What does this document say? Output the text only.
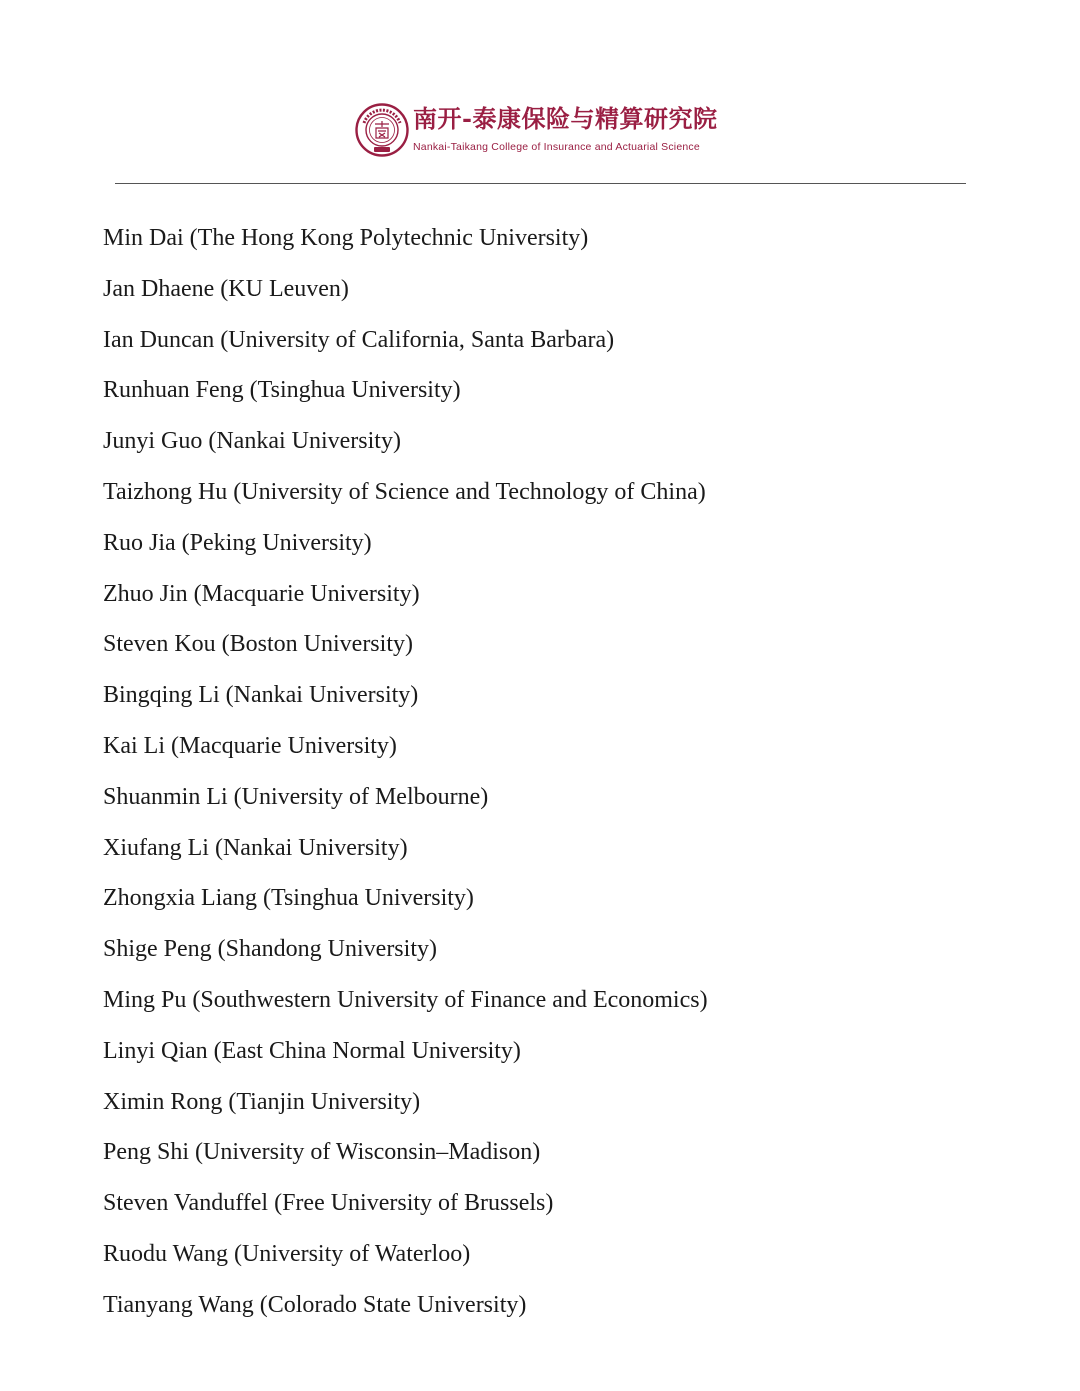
南开-泰康保险与精算研究院
Nankai-Taikang College of Insurance and Actuarial Science
Min Dai (The Hong Kong Polytechnic University)
Jan Dhaene (KU Leuven)
Ian Duncan (University of California, Santa Barbara)
Runhuan Feng (Tsinghua University)
Junyi Guo (Nankai University)
Taizhong Hu (University of Science and Technology of China)
Ruo Jia (Peking University)
Zhuo Jin (Macquarie University)
Steven Kou (Boston University)
Bingqing Li (Nankai University)
Kai Li (Macquarie University)
Shuanmin Li (University of Melbourne)
Xiufang Li (Nankai University)
Zhongxia Liang (Tsinghua University)
Shige Peng (Shandong University)
Ming Pu (Southwestern University of Finance and Economics)
Linyi Qian (East China Normal University)
Ximin Rong (Tianjin University)
Peng Shi (University of Wisconsin–Madison)
Steven Vanduffel (Free University of Brussels)
Ruodu Wang (University of Waterloo)
Tianyang Wang (Colorado State University)
